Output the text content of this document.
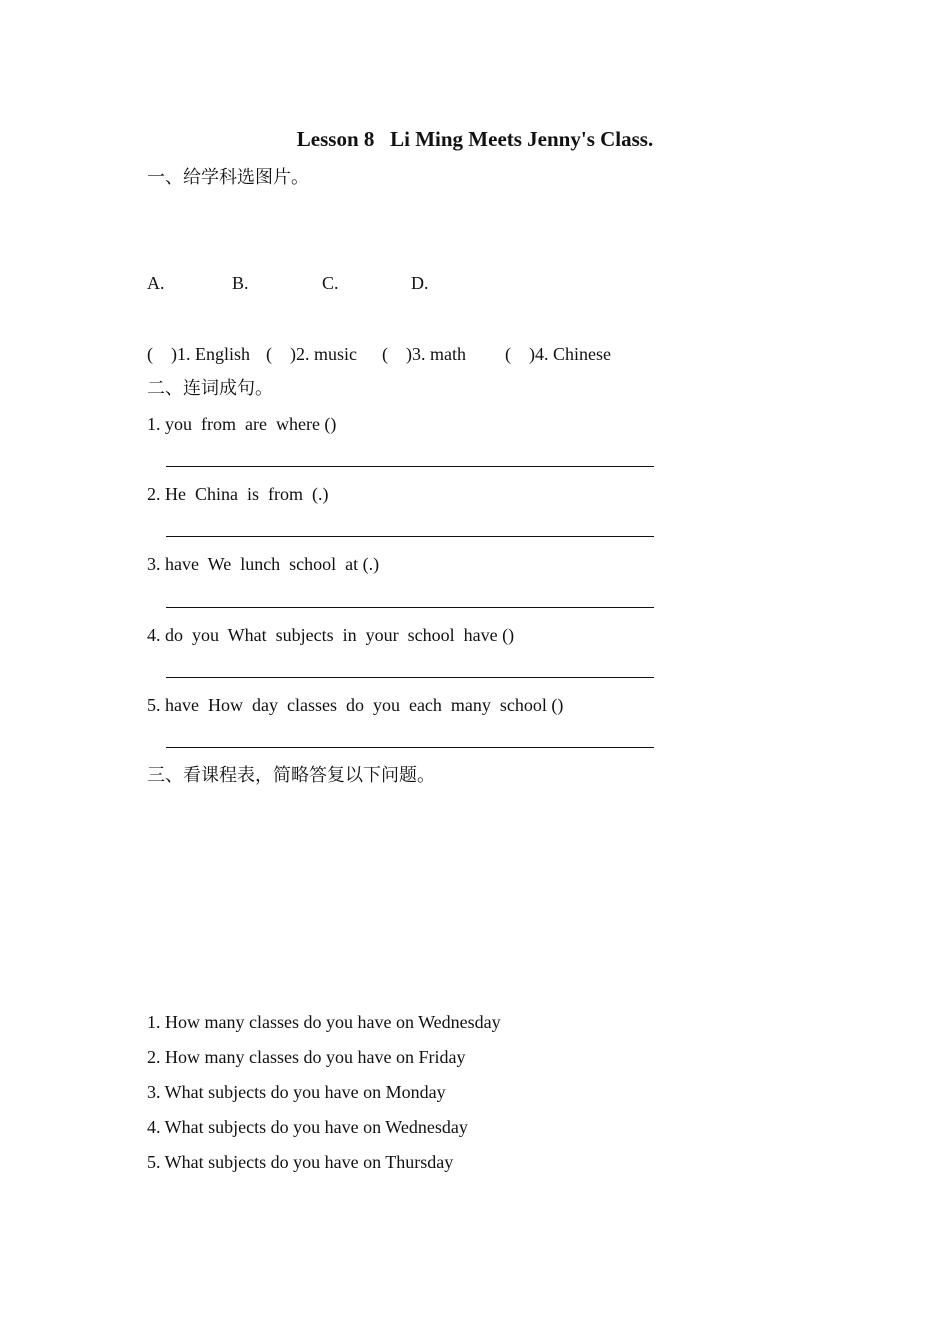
Lesson 8   Li Ming Meets Jenny's Class.
一、给学科选图片。
A.	B.	C.	D.
(    )1. English (    )2. music (    )3. math (    )4. Chinese
二、连词成句。
1. you  from  are  where ()
2. He  China  is  from  (.)
3. have  We  lunch  school  at (.)
4. do  you  What  subjects  in  your  school  have ()
5. have  How  day  classes  do  you  each  many  school ()
三、看课程表，简略答复以下问题。
1. How many classes do you have on Wednesday
2. How many classes do you have on Friday
3. What subjects do you have on Monday
4. What subjects do you have on Wednesday
5. What subjects do you have on Thursday
